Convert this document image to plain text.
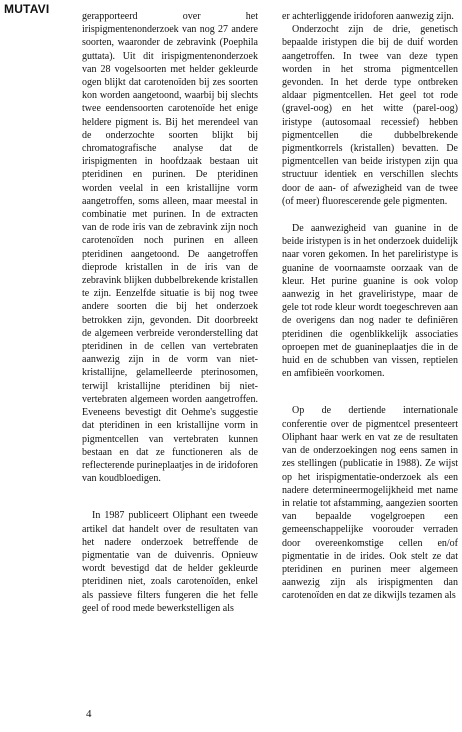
MUTAVI

gerapporteerd over het irispigmentenonderzoek van nog 27 andere soorten, waaronder de zebravink (Poephila guttata). Uit dit irispigmentenonderzoek van 28 vogelsoorten met helder gekleurde ogen blijkt dat carotenoïden bij zes soorten kon worden aangetoond, waarbij bij slechts twee eendensoorten carotenoïde het enige heldere pigment is. Bij het merendeel van de onderzochte soorten blijkt bij chromatografische analyse dat de irispigmenten in hoofdzaak bestaan uit pteridinen en purinen. De pteridinen worden veelal in een kristallijne vorm aangetroffen, soms alleen, maar meestal in combinatie met purinen. In de extracten van de rode iris van de zebravink zijn noch carotenoïden noch purinen en alleen pteridinen aangetoond. De aangetroffen dieprode kristallen in de iris van de zebravink blijken dubbelbrekende kristallen te zijn. Eenzelfde situatie is bij nog twee andere soorten die bij het onderzoek betrokken zijn, gevonden. Dit doorbreekt de algemeen verbreide veronderstelling dat pteridinen in de cellen van vertebraten aanwezig zijn in de vorm van niet-kristallijne, gelamelleerde pterinosomen, terwijl kristallijne pteridinen bij niet-vertebraten algemeen worden aangetroffen. Eveneens bevestigt dit Oehme's suggestie dat pteridinen in een kristallijne vorm in pigmentcellen van vertebraten kunnen bestaan en dat ze functioneren als de reflecterende purineplaatjes in de iridoforen van koudbloedigen.

In 1987 publiceert Oliphant een tweede artikel dat handelt over de resultaten van het nadere onderzoek betreffende de pigmentatie van de duivenris. Opnieuw wordt bevestigd dat de helder gekleurde pteridinen niet, zoals carotenoïden, enkel als passieve filters fungeren die het felle geel of rood mede bewerkstelligen als

er achterliggende iridoforen aanwezig zijn.

Onderzocht zijn de drie, genetisch bepaalde iristypen die bij de duif worden aangetroffen. In twee van deze typen worden in het stroma pigmentcellen gevonden. In het derde type ontbreken aldaar pigmentcellen. Het geel tot rode (gravel-oog) en het witte (parel-oog) iristype (autosomaal recessief) hebben pigmentcellen die dubbelbrekende pigmentkorrels (kristallen) bevatten. De pigmentcellen van beide iristypen zijn qua structuur identiek en verschillen slechts door de aan- of afwezigheid van de twee (of meer) fluorescerende gele pigmenten.

De aanwezigheid van guanine in de beide iristypen is in het onderzoek duidelijk naar voren gekomen. In het pareliristype is guanine de voornaamste oorzaak van de kleur. Het purine guanine is ook volop aanwezig in het graveliristype, maar de gele tot rode kleur wordt toegeschreven aan de overigens dan nog nader te definiëren pteridinen die ogenblikkelijk associaties oproepen met de guanineplaatjes die in de huid en de schubben van vissen, reptielen en amfibieën voorkomen.

Op de dertiende internationale conferentie over de pigmentcel presenteert Oliphant haar werk en vat ze de resultaten van de onderzoekingen nog eens samen in zes stellingen (publicatie in 1988). Ze wijst op het irispigmentatie-onderzoek als een nadere determineermogelijkheid met name in relatie tot afstamming, aangezien soorten van bepaalde vogelgroepen een gemeenschappelijke voorouder verraden door overeenkomstige cellen en/of pigmentatie in de irides. Ook stelt ze dat pteridinen en purinen meer algemeen aanwezig zijn als irispigmenten dan carotenoïden en dat ze dikwijls tezamen als

4
